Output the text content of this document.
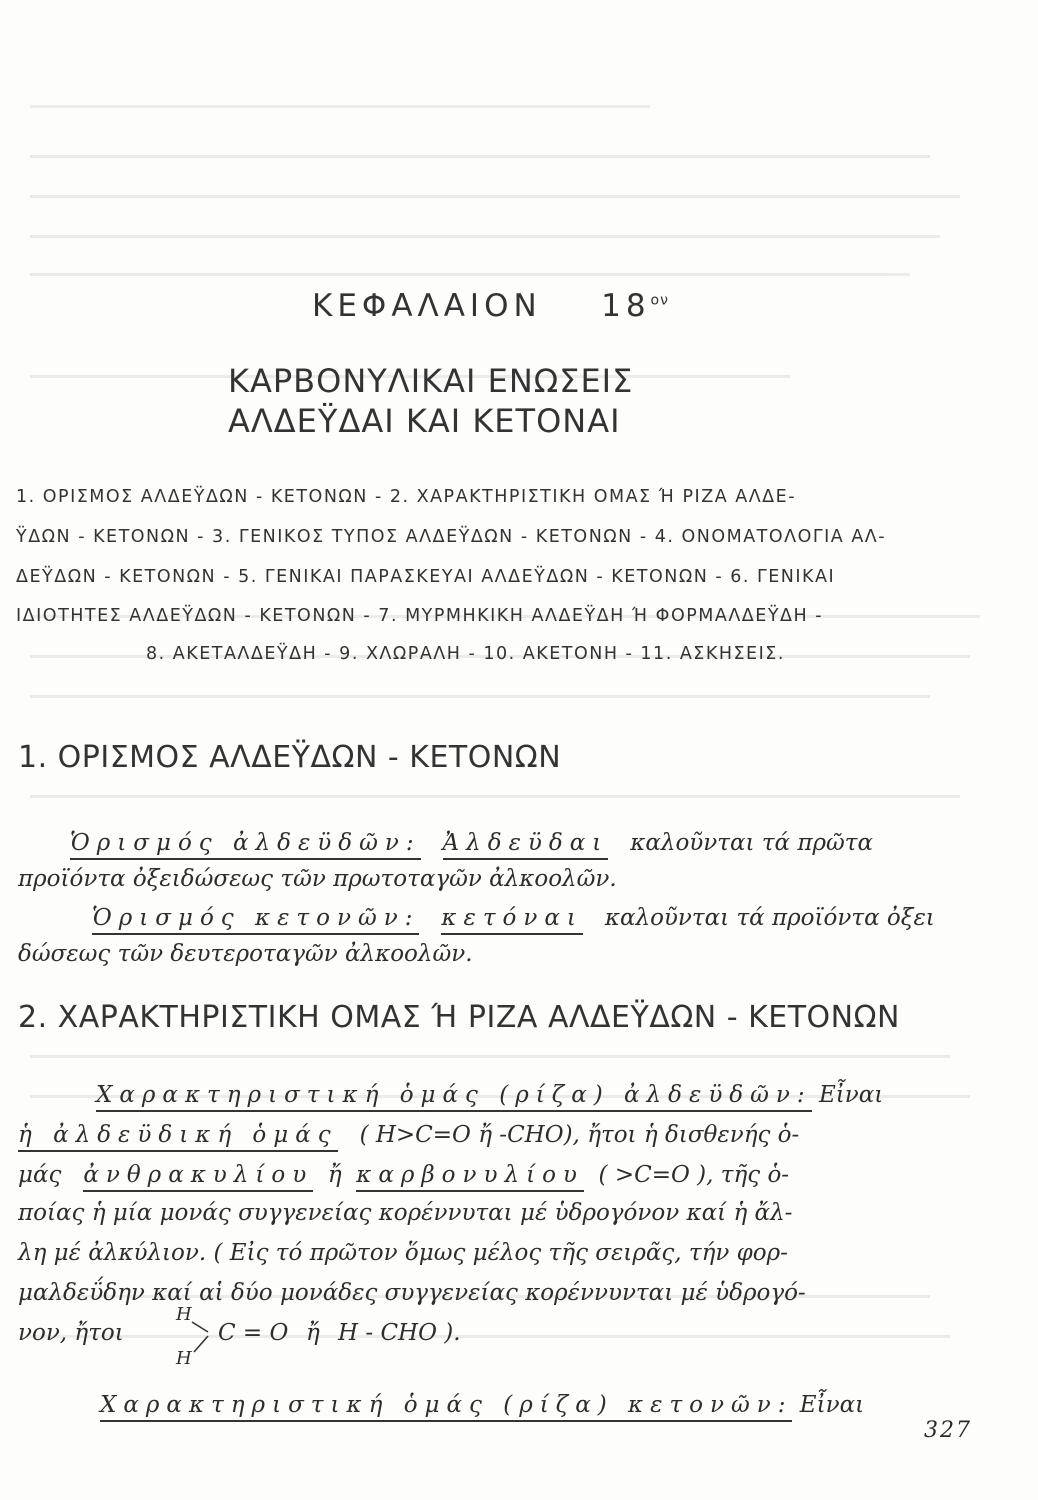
ΚΕΦΑΛΑΙΟΝ $18^{o\nu}$
ΚΑΡΒΟΝΥΛΙΚΑΙ ΕΝΩΣΕΙΣ
ΑΛΔΕΫΔΑΙ ΚΑΙ ΚΕΤΟΝΑΙ
1. ΟΡΙΣΜΟΣ ΑΛΔΕΫΔΩΝ - ΚΕΤΟΝΩΝ - 2. ΧΑΡΑΚΤΗΡΙΣΤΙΚΗ ΟΜΑΣ Ή ΡΙΖΑ ΑΛΔΕ-
ΫΔΩΝ - ΚΕΤΟΝΩΝ - 3. ΓΕΝΙΚΟΣ ΤΥΠΟΣ ΑΛΔΕΫΔΩΝ - ΚΕΤΟΝΩΝ - 4. ΟΝΟΜΑΤΟΛΟΓΙΑ ΑΛ-
ΔΕΫΔΩΝ - ΚΕΤΟΝΩΝ - 5. ΓΕΝΙΚΑΙ ΠΑΡΑΣΚΕΥΑΙ ΑΛΔΕΫΔΩΝ - ΚΕΤΟΝΩΝ - 6. ΓΕΝΙΚΑΙ
ΙΔΙΟΤΗΤΕΣ ΑΛΔΕΫΔΩΝ - ΚΕΤΟΝΩΝ - 7. ΜΥΡΜΗΚΙΚΗ ΑΛΔΕΫΔΗ Ή ΦΟΡΜΑΛΔΕΫΔΗ -
8. ΑΚΕΤΑΛΔΕΫΔΗ - 9. ΧΛΩΡΑΛΗ - 10. ΑΚΕΤΟΝΗ - 11. ΑΣΚΗΣΕΙΣ.
1. ΟΡΙΣΜΟΣ ΑΛΔΕΫΔΩΝ - ΚΕΤΟΝΩΝ
Ὁρισμός ἀλδεϋδῶν: Ἀλδεϋδαι καλοῦνται τά πρῶτα
προϊόντα ὀξειδώσεως τῶν πρωτοταγῶν ἀλκοολῶν.
Ὁρισμός κετονῶν: κετόναι καλοῦνται τά προϊόντα ὀξει
δώσεως τῶν δευτεροταγῶν ἀλκοολῶν.
2. ΧΑΡΑΚΤΗΡΙΣΤΙΚΗ ΟΜΑΣ Ή ΡΙΖΑ ΑΛΔΕΫΔΩΝ - ΚΕΤΟΝΩΝ
Χαρακτηριστική ὁμάς (ρίζα) ἀλδεϋδῶν: Εἶναι
ἡ ἀλδεϋδική ὁμάς ( H>C=O ἤ -CHO), ἤτοι ἡ δισθενής ὁ-
μάς ἀνθρακυλίου ἤ καρβονυλίου ( >C=O ), τῆς ὁ-
ποίας ἡ μία μονάς συγγενείας κορέννυται μέ ὑδρογόνον καί ἡ ἄλ-
λη μέ ἀλκύλιον. ( Εἰς τό πρῶτον ὅμως μέλος τῆς σειρᾶς, τήν φορ-
μαλδεΰδην καί αἱ δύο μονάδες συγγενείας κορέννυνται μέ ὑδρογό-
νον, ἤτοι
H
C = O ἤ H - CHO ).
H
Χαρακτηριστική ὁμάς (ρίζα) κετονῶν: Εἶναι
327
